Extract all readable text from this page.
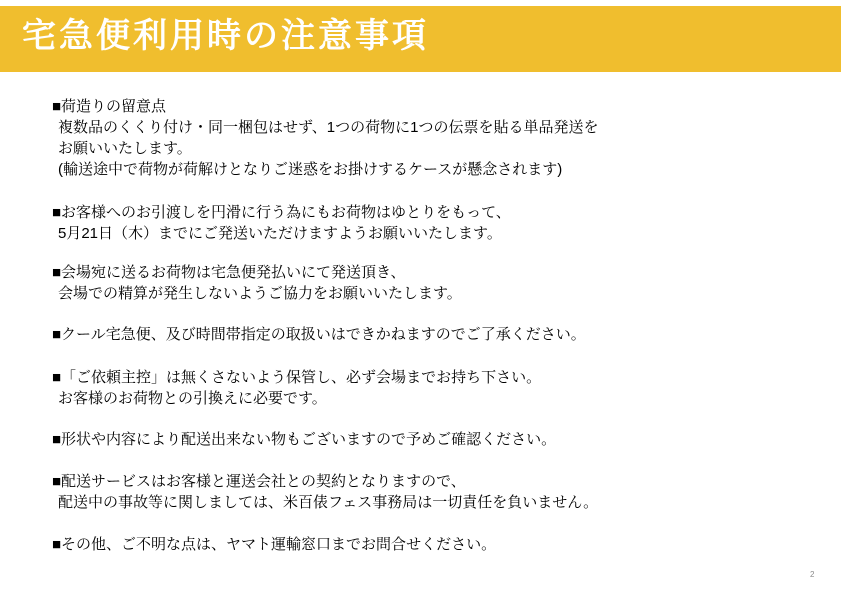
宅急便利用時の注意事項
■荷造りの留意点
複数品のくくり付け・同一梱包はせず、1つの荷物に1つの伝票を貼る単品発送を
お願いいたします。
(輸送途中で荷物が荷解けとなりご迷惑をお掛けするケースが懸念されます)
■お客様へのお引渡しを円滑に行う為にもお荷物はゆとりをもって、
5月21日（木）までにご発送いただけますようお願いいたします。
■会場宛に送るお荷物は宅急便発払いにて発送頂き、
会場での精算が発生しないようご協力をお願いいたします。
■クール宅急便、及び時間帯指定の取扱いはできかねますのでご了承ください。
■「ご依頼主控」は無くさないよう保管し、必ず会場までお持ち下さい。
お客様のお荷物との引換えに必要です。
■形状や内容により配送出来ない物もございますので予めご確認ください。
■配送サービスはお客様と運送会社との契約となりますので、
配送中の事故等に関しましては、米百俵フェス事務局は一切責任を負いません。
■その他、ご不明な点は、ヤマト運輸窓口までお問合せください。
2
